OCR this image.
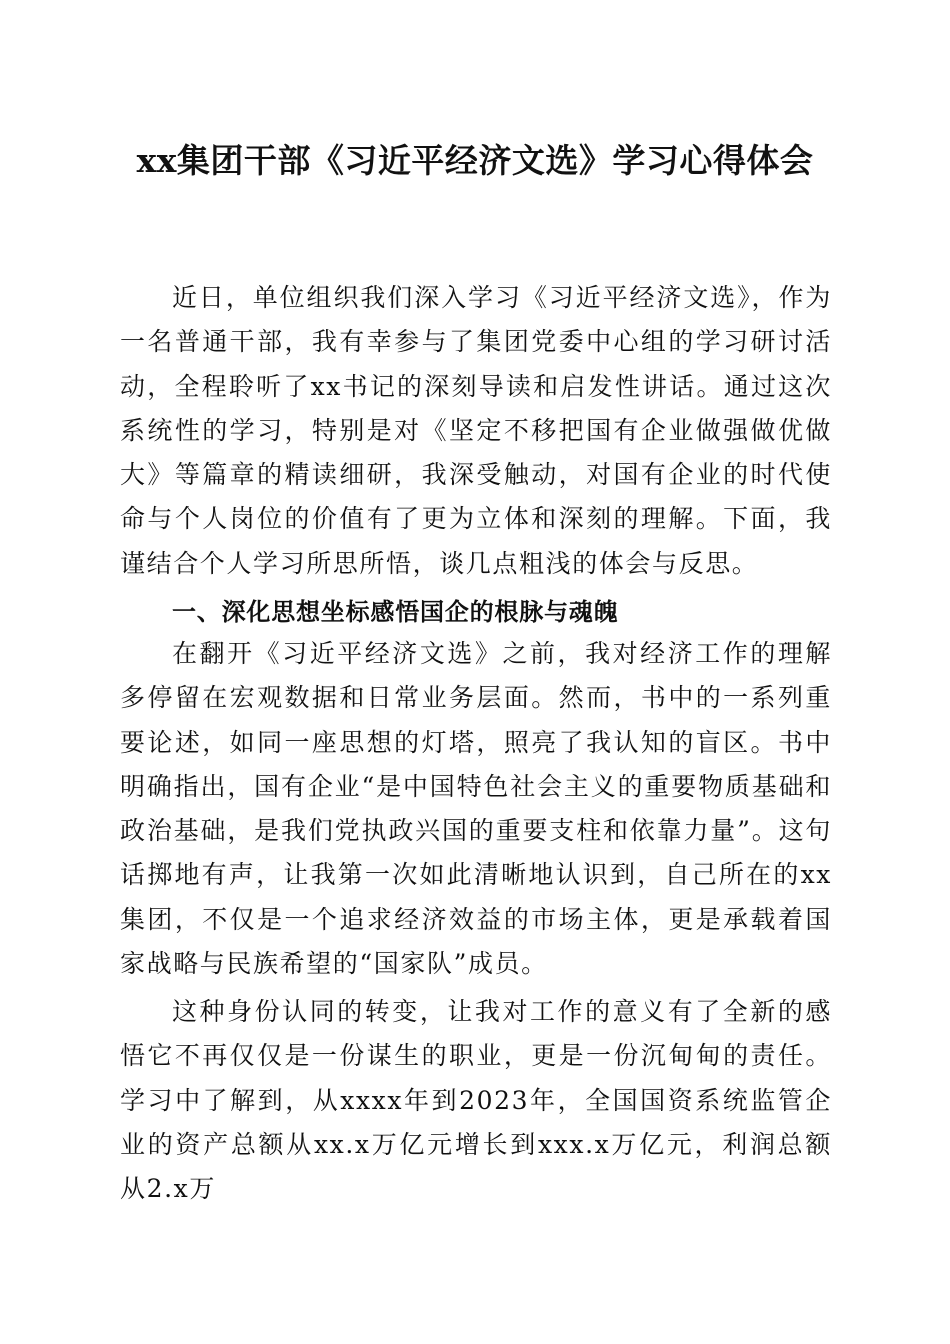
xx集团干部《习近平经济文选》学习心得体会

近日，单位组织我们深入学习《习近平经济文选》，作为一名普通干部，我有幸参与了集团党委中心组的学习研讨活动，全程聆听了xx书记的深刻导读和启发性讲话。通过这次系统性的学习，特别是对《坚定不移把国有企业做强做优做大》等篇章的精读细研，我深受触动，对国有企业的时代使命与个人岗位的价值有了更为立体和深刻的理解。下面，我谨结合个人学习所思所悟，谈几点粗浅的体会与反思。

一、深化思想坐标感悟国企的根脉与魂魄

在翻开《习近平经济文选》之前，我对经济工作的理解多停留在宏观数据和日常业务层面。然而，书中的一系列重要论述，如同一座思想的灯塔，照亮了我认知的盲区。书中明确指出，国有企业“是中国特色社会主义的重要物质基础和政治基础，是我们党执政兴国的重要支柱和依靠力量”。这句话掷地有声，让我第一次如此清晰地认识到，自己所在的xx集团，不仅是一个追求经济效益的市场主体，更是承载着国家战略与民族希望的“国家队”成员。

这种身份认同的转变，让我对工作的意义有了全新的感悟它不再仅仅是一份谋生的职业，更是一份沉甸甸的责任。学习中了解到，从xxxx年到2023年，全国国资系统监管企业的资产总额从xx.x万亿元增长到xxx.x万亿元，利润总额从2.x万
